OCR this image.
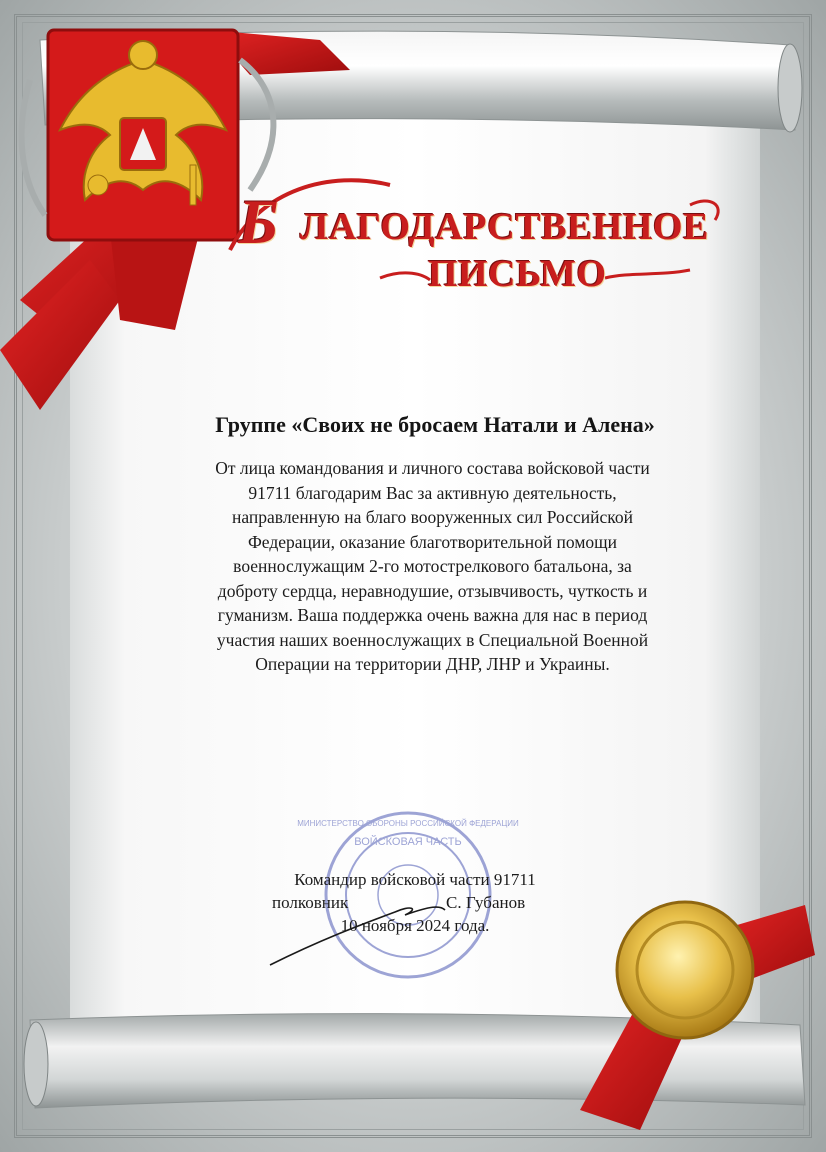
ВОЙСКОВАЯ ЧАСТЬ
МИНИСТЕРСТВО ОБОРОНЫ РОССИЙСКОЙ ФЕДЕРАЦИИ
Б ЛАГОДАРСТВЕННОЕ
ПИСЬМО
Группе «Своих не бросаем Натали и Алена»
От лица командования и личного состава войсковой части
91711 благодарим Вас за активную деятельность,
направленную на благо вооруженных сил Российской
Федерации, оказание благотворительной помощи
военнослужащим 2-го мотострелкового батальона, за
доброту сердца, неравнодушие, отзывчивость, чуткость и
гуманизм. Ваша поддержка очень важна для нас в период
участия наших военнослужащих в Специальной Военной
Операции на территории ДНР, ЛНР и Украины.
Командир войсковой части 91711
полковник	С. Губанов
10 ноября 2024 года.
